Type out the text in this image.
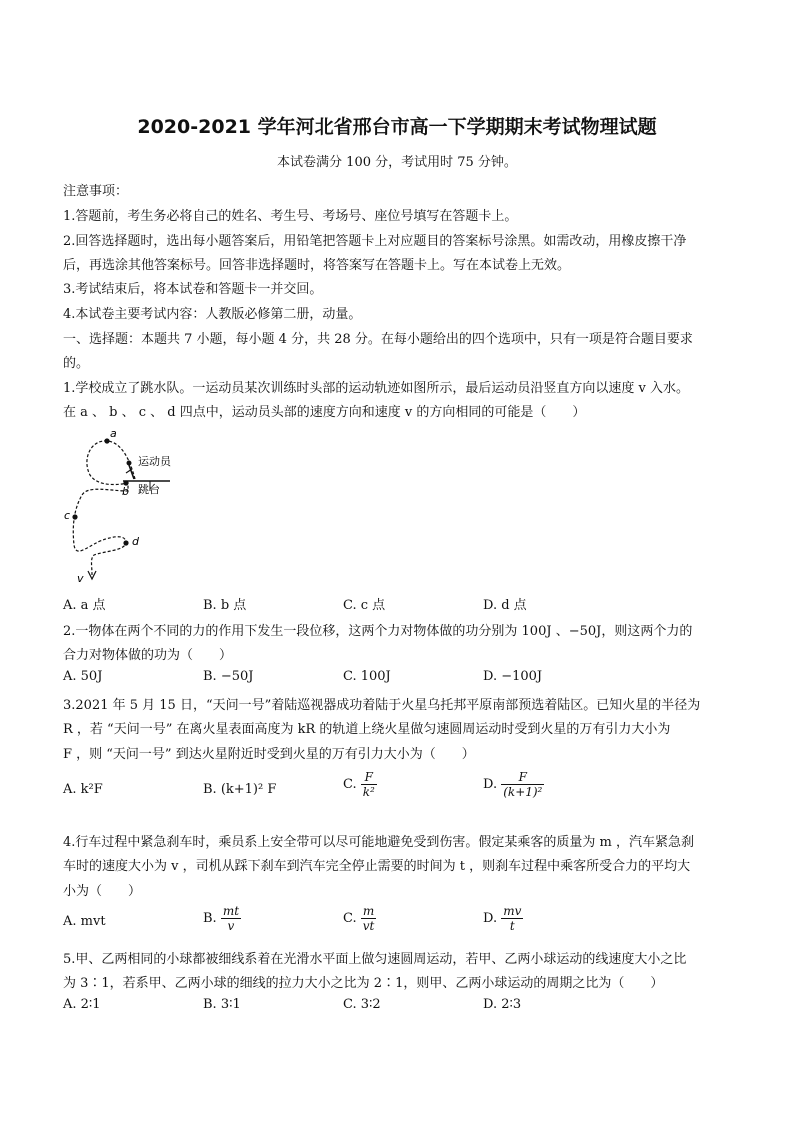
2020-2021 学年河北省邢台市高一下学期期末考试物理试题
本试卷满分 100 分，考试用时 75 分钟。
注意事项：
1.答题前，考生务必将自己的姓名、考生号、考场号、座位号填写在答题卡上。
2.回答选择题时，选出每小题答案后，用铅笔把答题卡上对应题目的答案标号涂黑。如需改动，用橡皮擦干净
后，再选涂其他答案标号。回答非选择题时，将答案写在答题卡上。写在本试卷上无效。
3.考试结束后，将本试卷和答题卡一并交回。
4.本试卷主要考试内容：人教版必修第二册，动量。
一、选择题：本题共 7 小题，每小题 4 分，共 28 分。在每小题给出的四个选项中，只有一项是符合题目要求
的。
1.学校成立了跳水队。一运动员某次训练时头部的运动轨迹如图所示，最后运动员沿竖直方向以速度 v 入水。
在 a 、 b 、 c 、 d 四点中，运动员头部的速度方向和速度 v 的方向相同的可能是（　　）
a
b
c
d
v
运动员
跳台
A. a 点	B. b 点	C. c 点	D. d 点
2.一物体在两个不同的力的作用下发生一段位移，这两个力对物体做的功分别为 100J 、−50J，则这两个力的
合力对物体做的功为（　　）
A. 50J	B. −50J	C. 100J	D. −100J
3.2021 年 5 月 15 日，“天问一号”着陆巡视器成功着陆于火星乌托邦平原南部预选着陆区。已知火星的半径为
R ，若 “天问一号” 在离火星表面高度为 kR 的轨道上绕火星做匀速圆周运动时受到火星的万有引力大小为
F ，则 “天问一号” 到达火星附近时受到火星的万有引力大小为（　　）
A. k²F	B. (k+1)² F	C. $\frac{F}{\text{k²}}$	D. $\frac{F}{\text{(k+1)²}}$
4.行车过程中紧急刹车时，乘员系上安全带可以尽可能地避免受到伤害。假定某乘客的质量为 m ，汽车紧急刹
车时的速度大小为 v ，司机从踩下刹车到汽车完全停止需要的时间为 t ，则刹车过程中乘客所受合力的平均大
小为（　　）
A. mvt	B. $\frac{mt}{v}$	C. $\frac{m}{vt}$	D. $\frac{mv}{t}$
5.甲、乙两相同的小球都被细线系着在光滑水平面上做匀速圆周运动，若甲、乙两小球运动的线速度大小之比
为 3∶1，若系甲、乙两小球的细线的拉力大小之比为 2∶1，则甲、乙两小球运动的周期之比为（　　）
A. 2∶1	B. 3∶1	C. 3∶2	D. 2∶3
